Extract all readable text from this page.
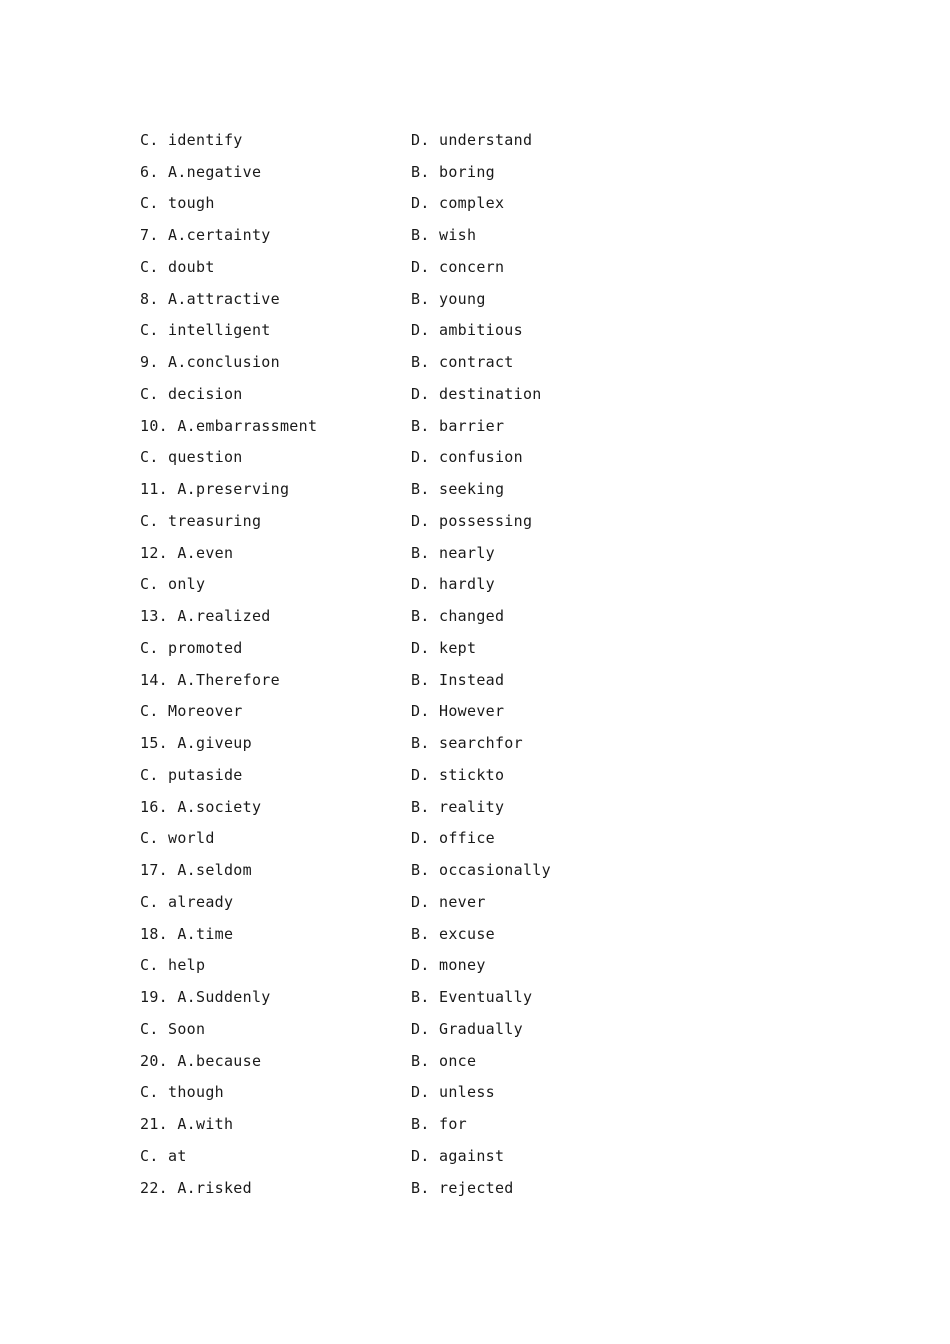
C. identify	D. understand
6. A.negative	B. boring
C. tough	D. complex
7. A.certainty	B. wish
C. doubt	D. concern
8. A.attractive	B. young
C. intelligent	D. ambitious
9. A.conclusion	B. contract
C. decision	D. destination
10. A.embarrassment	B. barrier
C. question	D. confusion
11. A.preserving	B. seeking
C. treasuring	D. possessing
12. A.even	B. nearly
C. only	D. hardly
13. A.realized	B. changed
C. promoted	D. kept
14. A.Therefore	B. Instead
C. Moreover	D. However
15. A.giveup	B. searchfor
C. putaside	D. stickto
16. A.society	B. reality
C. world	D. office
17. A.seldom	B. occasionally
C. already	D. never
18. A.time	B. excuse
C. help	D. money
19. A.Suddenly	B. Eventually
C. Soon	D. Gradually
20. A.because	B. once
C. though	D. unless
21. A.with	B. for
C. at	D. against
22. A.risked	B. rejected
